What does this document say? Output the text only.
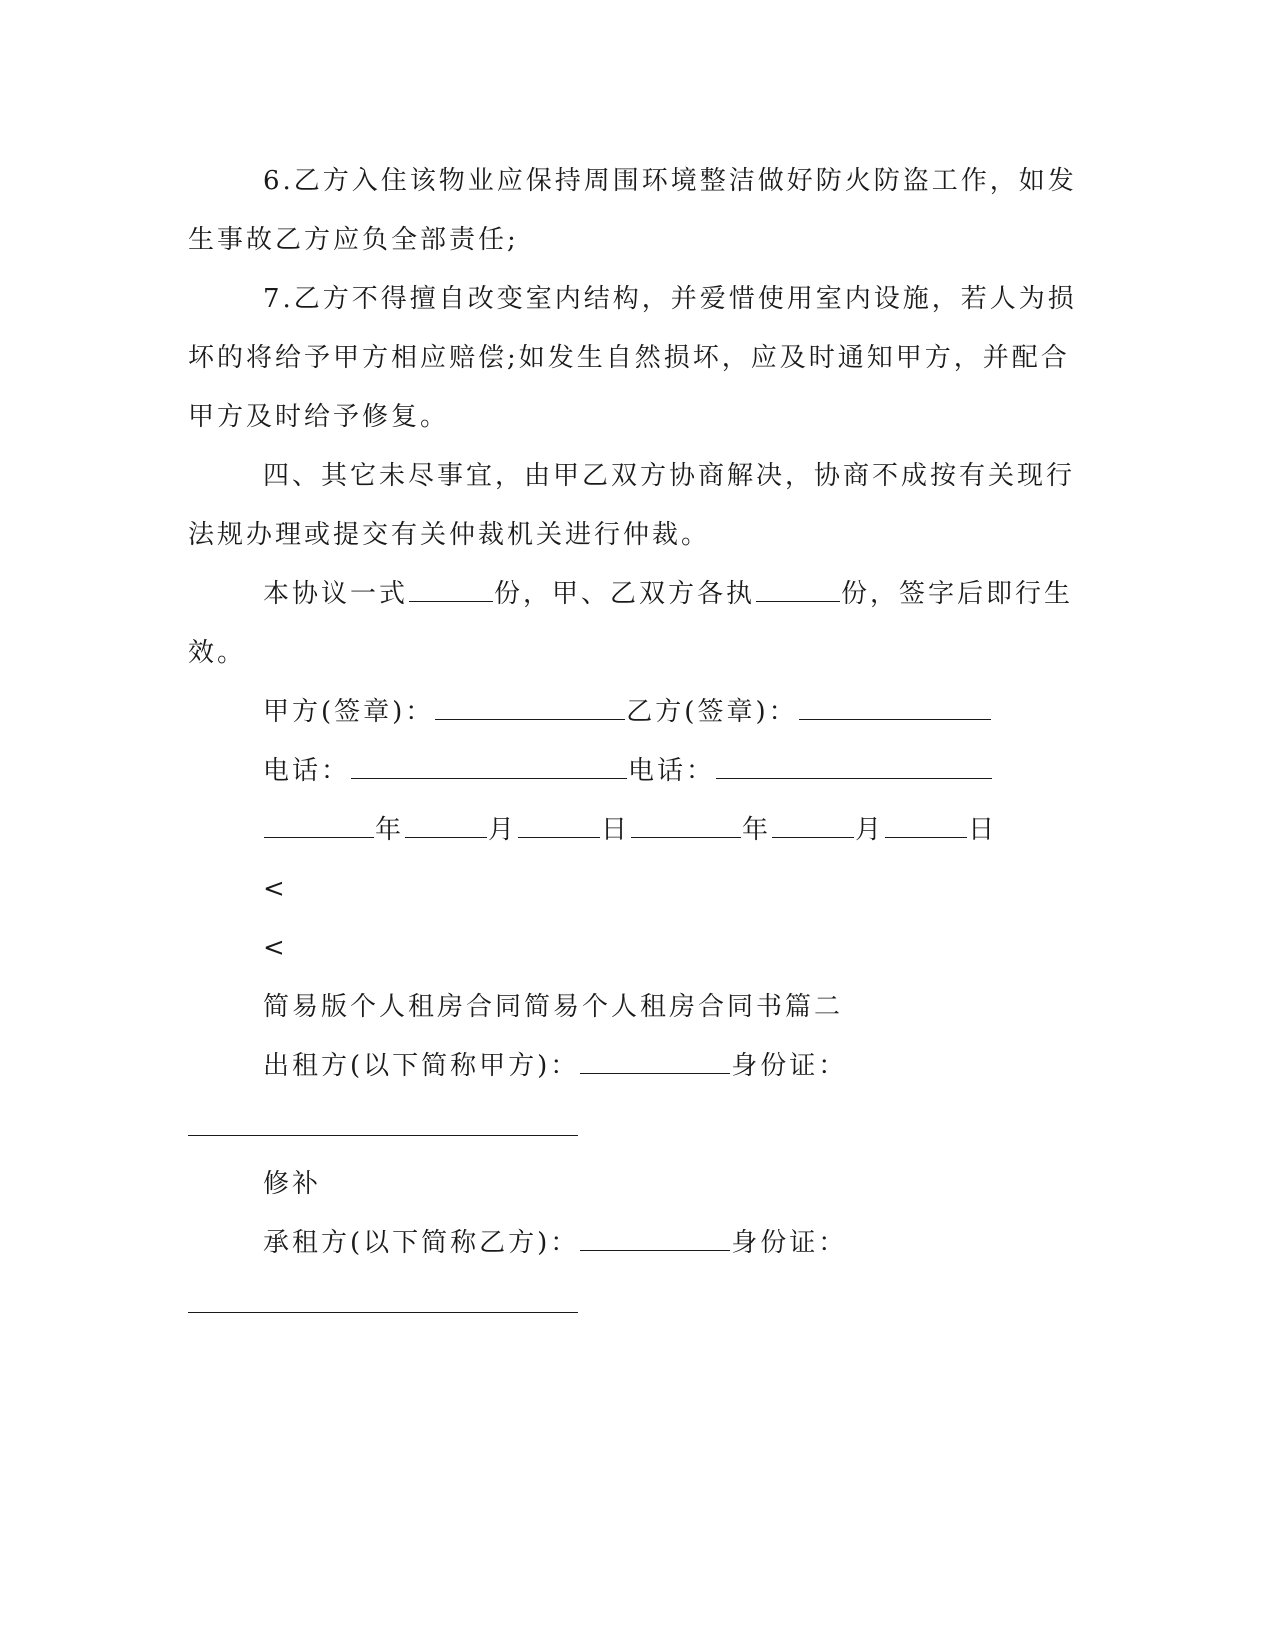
6.乙方入住该物业应保持周围环境整洁做好防火防盗工作，如发
生事故乙方应负全部责任;
7.乙方不得擅自改变室内结构，并爱惜使用室内设施，若人为损
坏的将给予甲方相应赔偿;如发生自然损坏，应及时通知甲方，并配合
甲方及时给予修复。
四、其它未尽事宜，由甲乙双方协商解决，协商不成按有关现行
法规办理或提交有关仲裁机关进行仲裁。
本协议一式	份，甲、乙双方各执	份，签字后即行生
效。
甲方(签章)：	乙方(签章)：
电话：	电话：
年	月	日	年	月	日
<
<
简易版个人租房合同简易个人租房合同书篇二
出租方(以下简称甲方)：	身份证：
修补
承租方(以下简称乙方)：	身份证：
